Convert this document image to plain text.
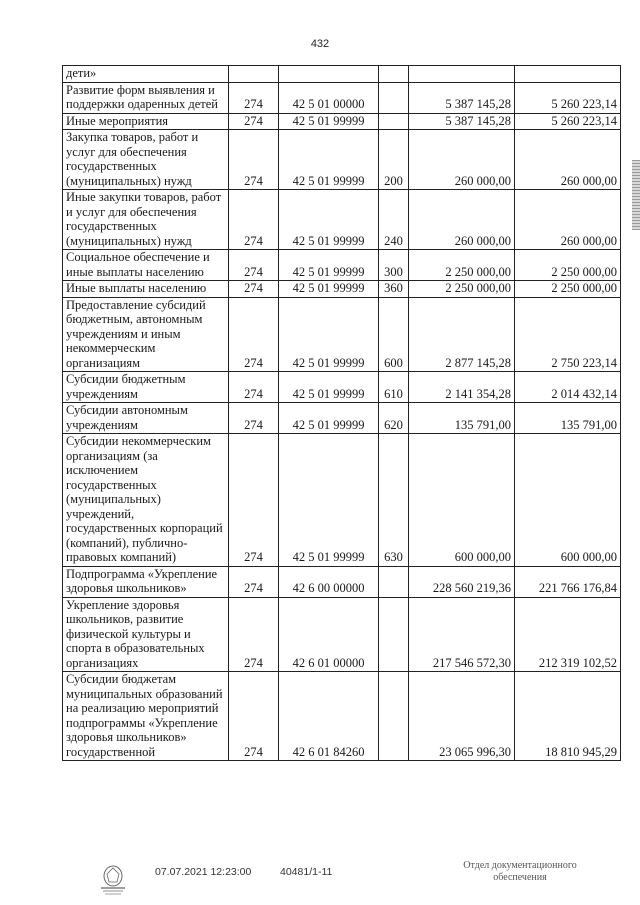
432
дети»					
Развитие форм выявления и поддержки одаренных детей	274	42 5 01 00000		5 387 145,28	5 260 223,14
Иные мероприятия	274	42 5 01 99999		5 387 145,28	5 260 223,14
Закупка товаров, работ и услуг для обеспечения государственных (муниципальных) нужд	274	42 5 01 99999	200	260 000,00	260 000,00
Иные закупки товаров, работ и услуг для обеспечения государственных (муниципальных) нужд	274	42 5 01 99999	240	260 000,00	260 000,00
Социальное обеспечение и иные выплаты населению	274	42 5 01 99999	300	2 250 000,00	2 250 000,00
Иные выплаты населению	274	42 5 01 99999	360	2 250 000,00	2 250 000,00
Предоставление субсидий бюджетным, автономным учреждениям и иным некоммерческим организациям	274	42 5 01 99999	600	2 877 145,28	2 750 223,14
Субсидии бюджетным учреждениям	274	42 5 01 99999	610	2 141 354,28	2 014 432,14
Субсидии автономным учреждениям	274	42 5 01 99999	620	135 791,00	135 791,00
Субсидии некоммерческим организациям (за исключением государственных (муниципальных) учреждений, государственных корпораций (компаний), публично-правовых компаний)	274	42 5 01 99999	630	600 000,00	600 000,00
Подпрограмма «Укрепление здоровья школьников»	274	42 6 00 00000		228 560 219,36	221 766 176,84
Укрепление здоровья школьников, развитие физической культуры и спорта в образовательных организациях	274	42 6 01 00000		217 546 572,30	212 319 102,52
Субсидии бюджетам муниципальных образований на реализацию мероприятий подпрограммы «Укрепление здоровья школьников» государственной	274	42 6 01 84260		23 065 996,30	18 810 945,29
07.07.2021 12:23:00	40481/1-11
Отдел документационного
обеспечения
